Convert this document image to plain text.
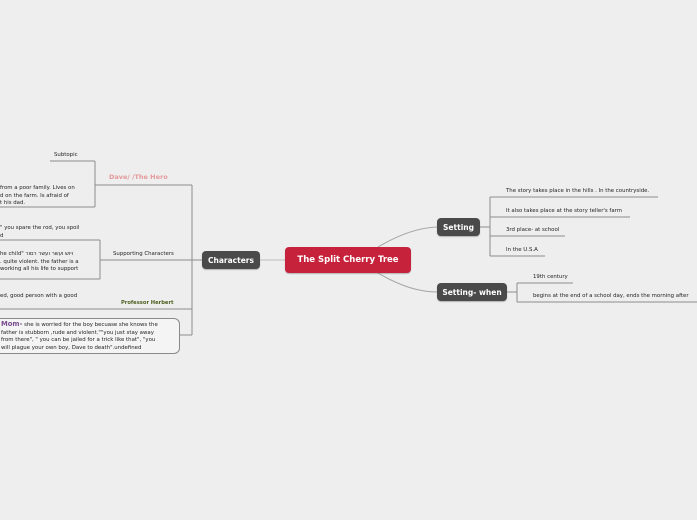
The Split Cherry Tree
Characters
Setting
Setting- when
The story takes place in the hills . In the countryside.
It also takes place at the story teller's farm
3rd place- at school
In the U.S.A
19th century
begins at the end of a school day, ends the morning after
Dave/ /The Hero
Subtopic
from a poor family. Lives on
d on the farm. Is afraid of
t his dad.
Supporting Characters
" you spare the rod, you spoil
d
he child" ויוש ועשר ועשר רםור
. quite violent. the father is a
working all his life to support
ed, good person with a good
Professor Herbert
Mom- she is worried for the boy becuase she knows the
father is stubborn ,rude and violent.""you just stay away
from there", " you can be jailed for a trick like that", "you
will plague your own boy, Dave to death".undefined
